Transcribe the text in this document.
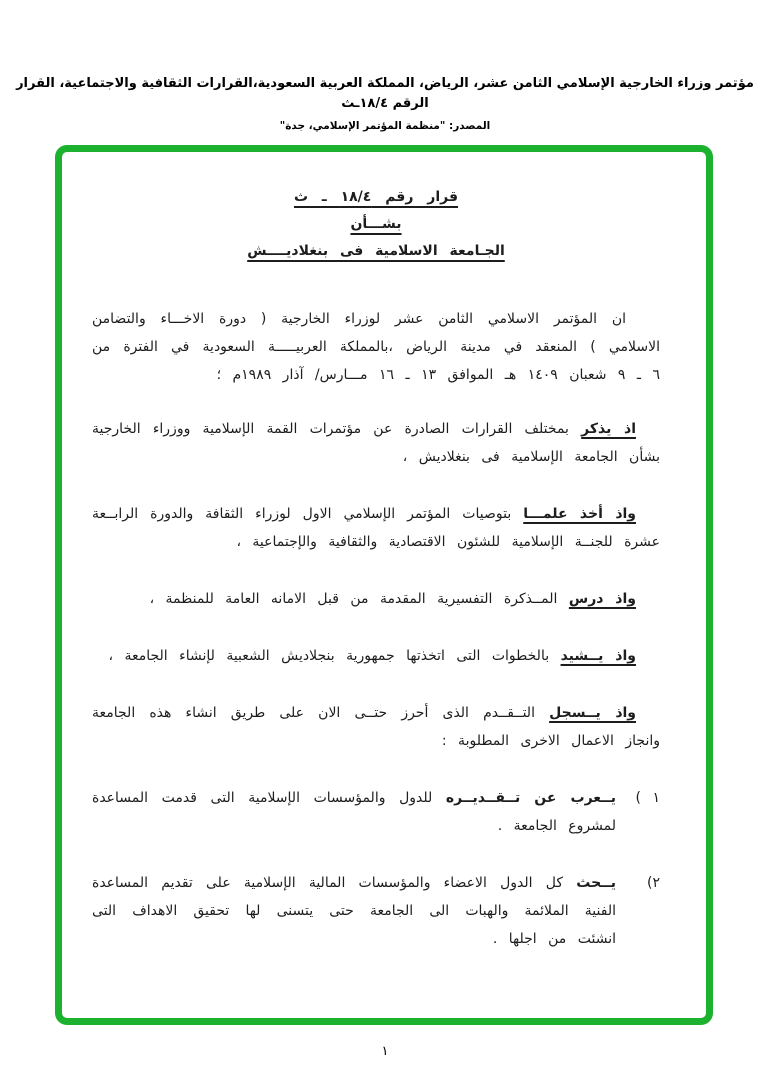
مؤتمر وزراء الخارجية الإسلامي الثامن عشر، الرياض، المملكة العربية السعودية،القرارات الثقافية والاجتماعية، القرار الرقم ١٨/٤ـث
المصدر: "منظمة المؤتمر الإسلامي، جدة"
قرار رقم ١٨/٤ ـ ث
بشـــأن
الجـامعة الاسلامية فى بنغلاديــــش

ان المؤتمر الاسلامي الثامن عشر لوزراء الخارجية ( دورة الاخـــاء والتضامن الاسلامي ) المنعقد في مدينة الرياض ،بالمملكة العربيـــــة السعودية في الفترة من ٦ ـ ٩ شعبان ١٤٠٩ هـ الموافق ١٣ ـ ١٦ مـــارس/ آذار ١٩٨٩م ؛

اذ يذكر بمختلف القرارات الصادرة عن مؤتمرات القمة الإسلامية ووزراء الخارجية بشأن الجامعة الإسلامية فى بنغلاديش ،

واذ أخذ علمـــا بتوصيات المؤتمر الإسلامي الاول لوزراء الثقافة والدورة الرابــعة عشرة للجنــة الإسلامية للشئون الاقتصادية والثقافية والإجتماعية ،

واذ درس المــذكرة التفسيرية المقدمة من قبل الامانه العامة للمنظمة ،

واذ يــشيد بالخطوات التى اتخذتها جمهورية بنجلاديش الشعبية لإنشاء الجامعة ،

واذ يــسجل التــقــدم الذى أحرز حتــى الان على طريق انشاء هذه الجامعة وانجاز الاعمال الاخرى المطلوبة :

١ )

يــعرب عن تــقــديــره للدول والمؤسسات الإسلامية التى قدمت المساعدة لمشروع الجامعة .

٢)

يــحث كل الدول الاعضاء والمؤسسات المالية الإسلامية على تقديم المساعدة الفنية الملائمة والهبات الى الجامعة حتى يتسنى لها تحقيق الاهداف التى انشئت من اجلها .

١
